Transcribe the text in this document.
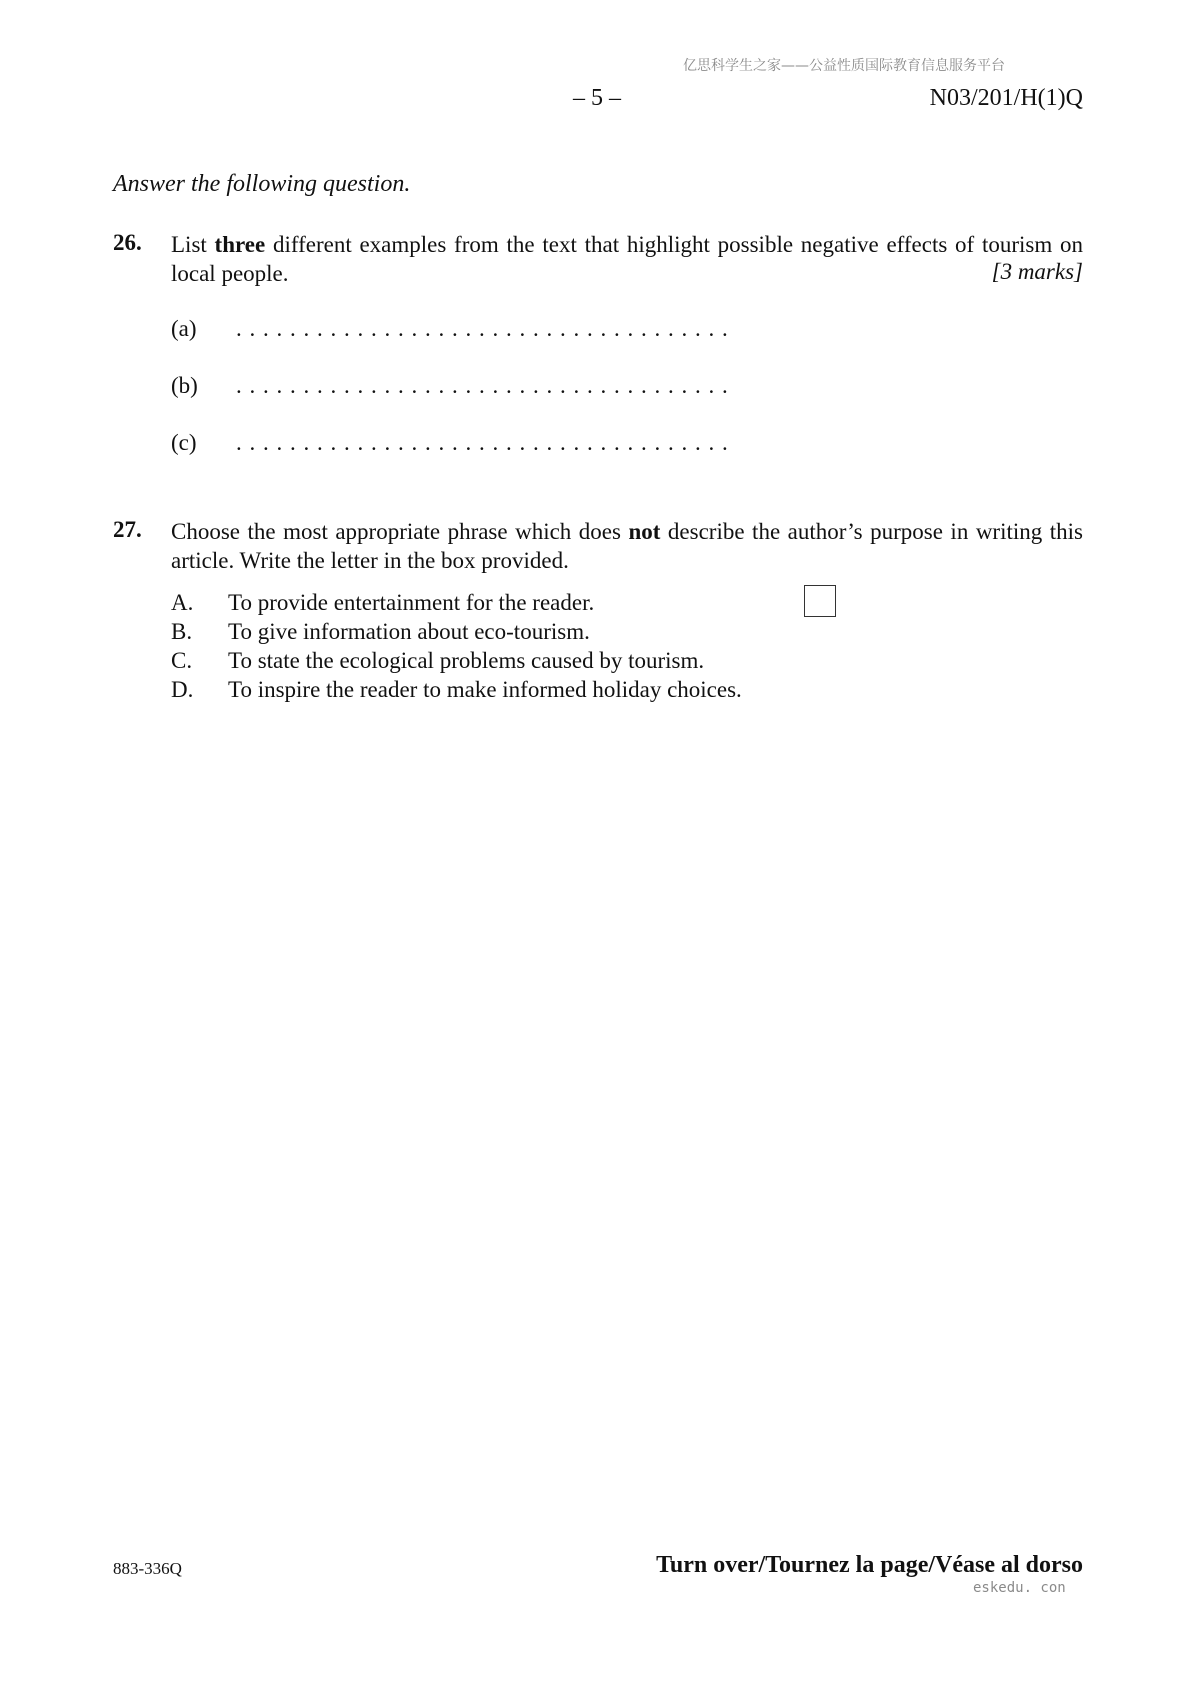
亿思科学生之家——公益性质国际教育信息服务平台
– 5 –	N03/201/H(1)Q
Answer the following question.
26. List three different examples from the text that highlight possible negative effects of tourism on local people.	[3 marks]
(a) . . . . . . . . . . . . . . . . . . . . . . . . . . . . . . . . . . . . .
(b) . . . . . . . . . . . . . . . . . . . . . . . . . . . . . . . . . . . . .
(c) . . . . . . . . . . . . . . . . . . . . . . . . . . . . . . . . . . . . .
27. Choose the most appropriate phrase which does not describe the author’s purpose in writing this article. Write the letter in the box provided.
A. To provide entertainment for the reader.
B. To give information about eco-tourism.
C. To state the ecological problems caused by tourism.
D. To inspire the reader to make informed holiday choices.
883-336Q	Turn over/Tournez la page/Véase al dorso
eskedu. con
